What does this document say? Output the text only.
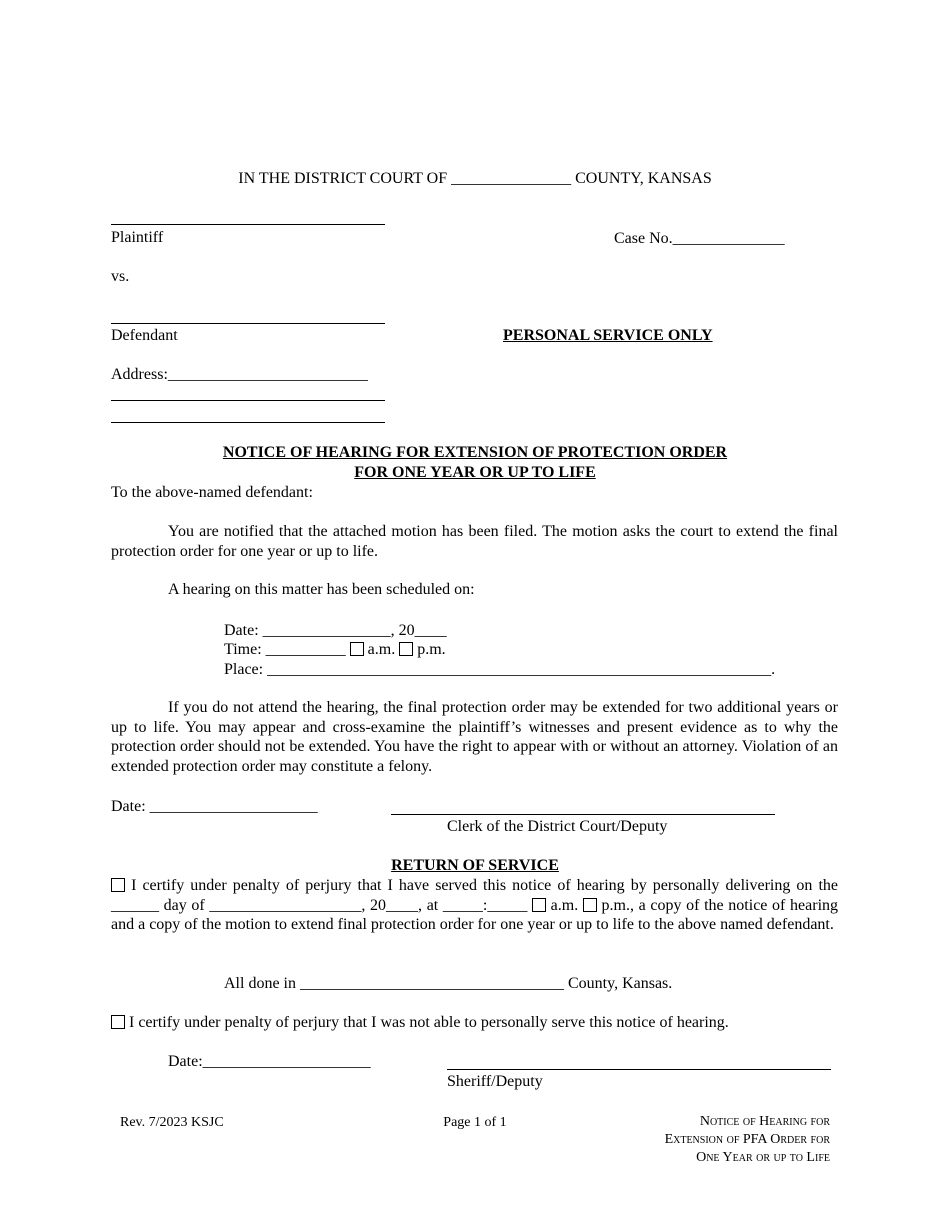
IN THE DISTRICT COURT OF _______________ COUNTY, KANSAS
Plaintiff	Case No.______________
vs.
Defendant	PERSONAL SERVICE ONLY
Address:_________________________
NOTICE OF HEARING FOR EXTENSION OF PROTECTION ORDER
FOR ONE YEAR OR UP TO LIFE
To the above-named defendant:
You are notified that the attached motion has been filed. The motion asks the court to extend the final protection order for one year or up to life.
A hearing on this matter has been scheduled on:
Date: ________________, 20____
Time: __________ a.m. p.m.
Place: _______________________________________________________________.
If you do not attend the hearing, the final protection order may be extended for two additional years or up to life. You may appear and cross-examine the plaintiff’s witnesses and present evidence as to why the protection order should not be extended. You have the right to appear with or without an attorney. Violation of an extended protection order may constitute a felony.
Date: _____________________
Clerk of the District Court/Deputy
RETURN OF SERVICE
I certify under penalty of perjury that I have served this notice of hearing by personally delivering on the ______ day of ___________________, 20____, at _____:_____ a.m. p.m., a copy of the notice of hearing and a copy of the motion to extend final protection order for one year or up to life to the above named defendant.
All done in _________________________________ County, Kansas.
I certify under penalty of perjury that I was not able to personally serve this notice of hearing.
Date:_____________________
Sheriff/Deputy
Rev. 7/2023 KSJC	Page 1 of 1	Notice of Hearing for
Extension of PFA Order for
One Year or up to Life
